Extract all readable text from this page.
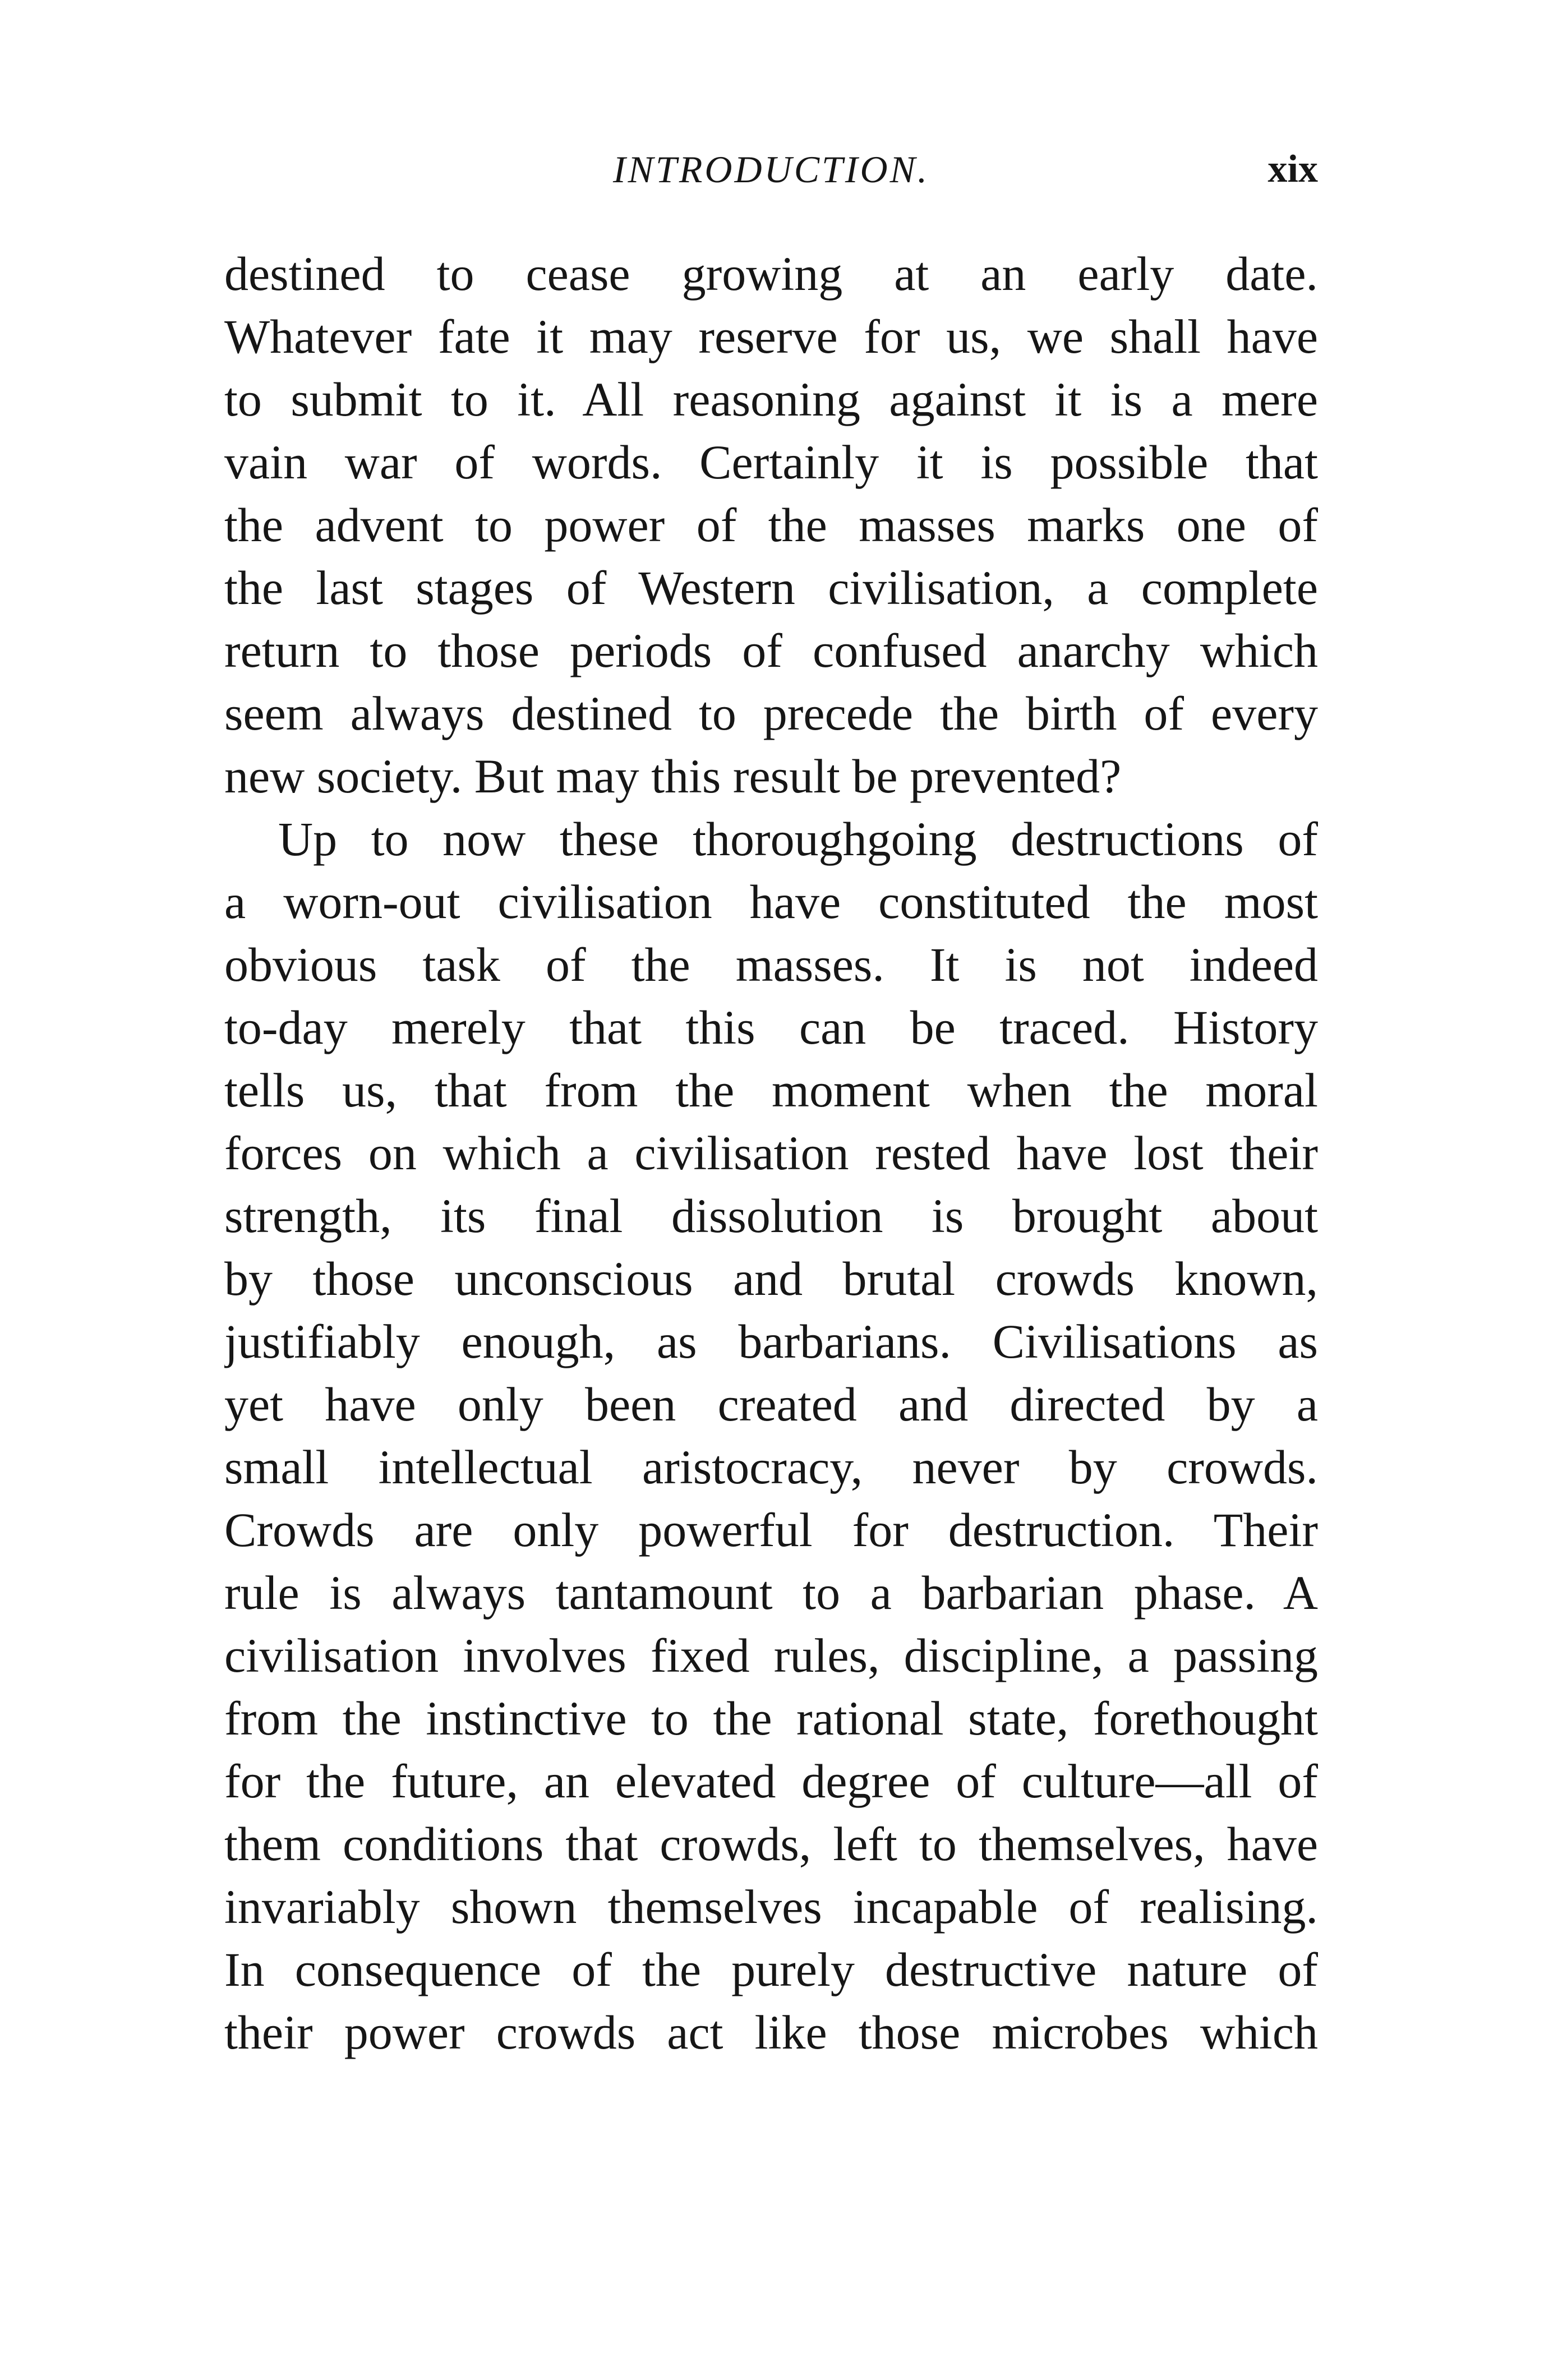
INTRODUCTION.	xix
destined to cease growing at an early date.
Whatever fate it may reserve for us, we shall have
to submit to it. All reasoning against it is a mere
vain war of words. Certainly it is possible that
the advent to power of the masses marks one of
the last stages of Western civilisation, a complete
return to those periods of confused anarchy which
seem always destined to precede the birth of every
new society. But may this result be prevented?
Up to now these thoroughgoing destructions of
a worn-out civilisation have constituted the most
obvious task of the masses. It is not indeed
to-day merely that this can be traced. History
tells us, that from the moment when the moral
forces on which a civilisation rested have lost their
strength, its final dissolution is brought about
by those unconscious and brutal crowds known,
justifiably enough, as barbarians. Civilisations as
yet have only been created and directed by a
small intellectual aristocracy, never by crowds.
Crowds are only powerful for destruction. Their
rule is always tantamount to a barbarian phase. A
civilisation involves fixed rules, discipline, a passing
from the instinctive to the rational state, forethought
for the future, an elevated degree of culture—all of
them conditions that crowds, left to themselves, have
invariably shown themselves incapable of realising.
In consequence of the purely destructive nature of
their power crowds act like those microbes which
